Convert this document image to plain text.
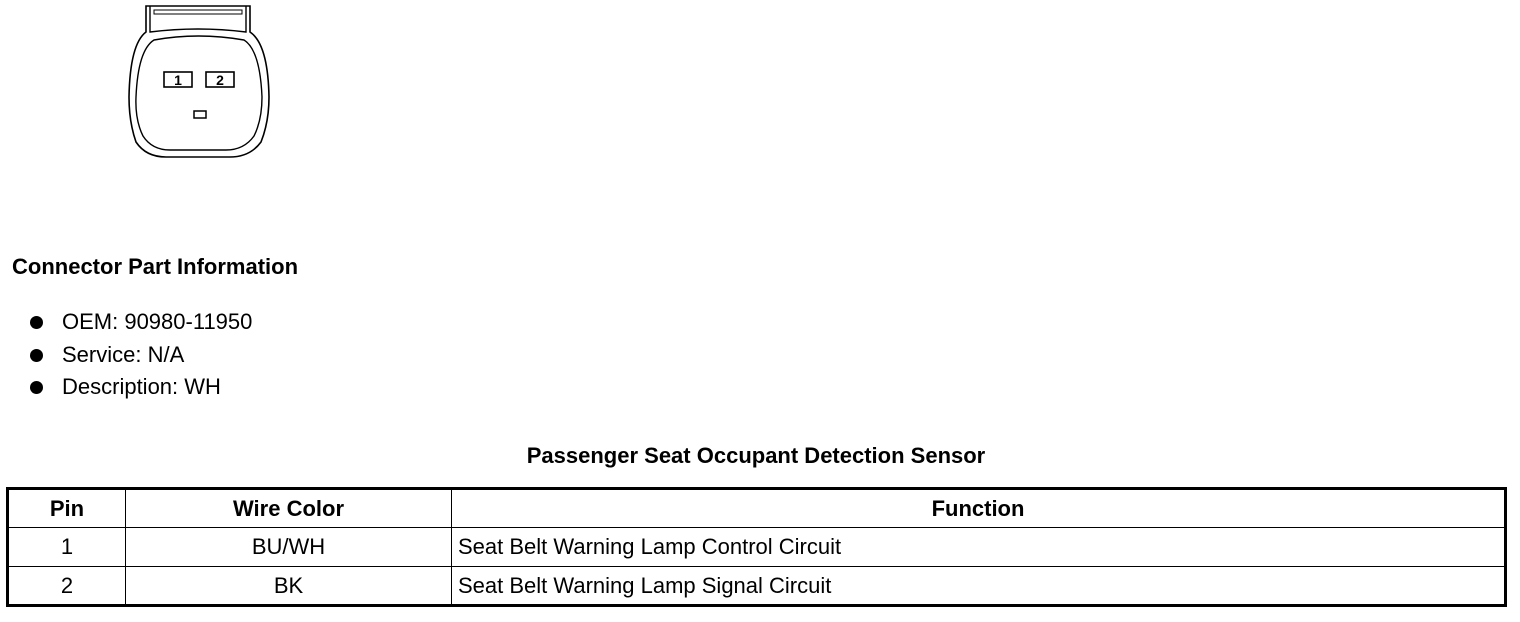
1 2
Connector Part Information
OEM: 90980-11950
Service: N/A
Description: WH
Passenger Seat Occupant Detection Sensor
Pin	Wire Color	Function
1	BU/WH	Seat Belt Warning Lamp Control Circuit
2	BK	Seat Belt Warning Lamp Signal Circuit
